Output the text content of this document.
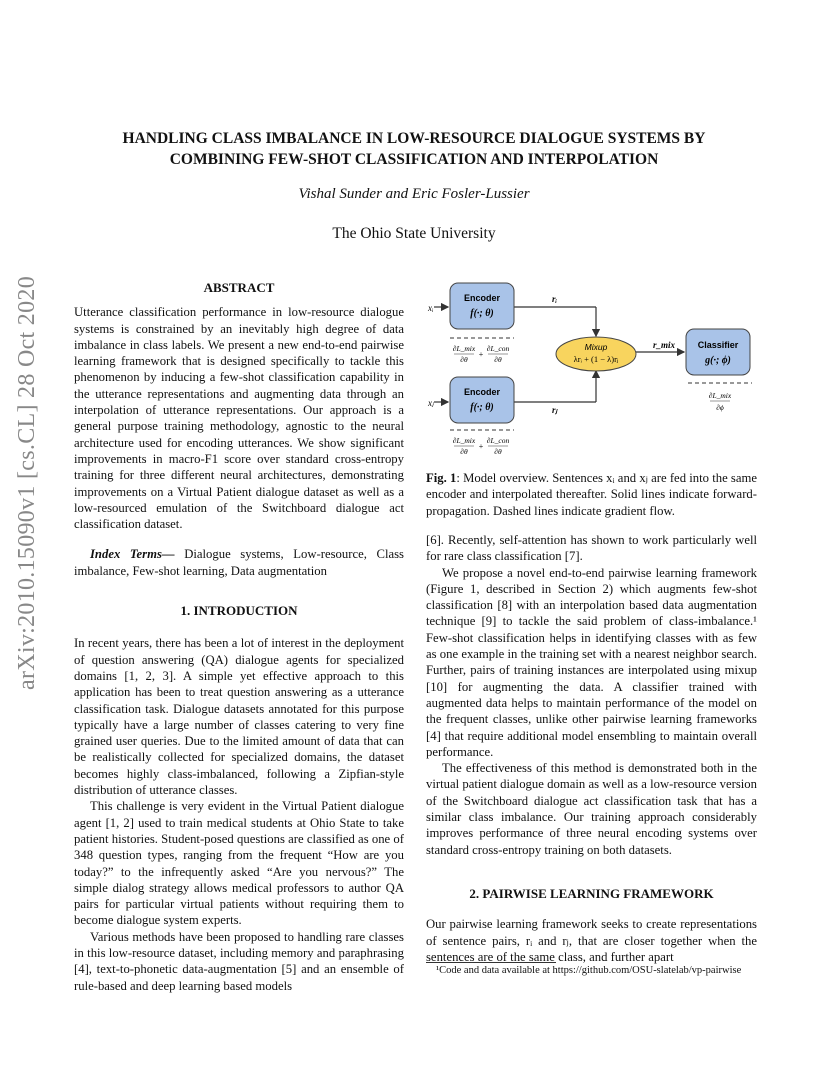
arXiv:2010.15090v1 [cs.CL] 28 Oct 2020
HANDLING CLASS IMBALANCE IN LOW-RESOURCE DIALOGUE SYSTEMS BY
COMBINING FEW-SHOT CLASSIFICATION AND INTERPOLATION
Vishal Sunder and Eric Fosler-Lussier
The Ohio State University

ABSTRACT

Utterance classification performance in low-resource dialogue systems is constrained by an inevitably high degree of data imbalance in class labels. We present a new end-to-end pairwise learning framework that is designed specifically to tackle this phenomenon by inducing a few-shot classification capability in the utterance representations and augmenting data through an interpolation of utterance representations. Our approach is a general purpose training methodology, agnostic to the neural architecture used for encoding utterances. We show significant improvements in macro-F1 score over standard cross-entropy training for three different neural architectures, demonstrating improvements on a Virtual Patient dialogue dataset as well as a low-resourced emulation of the Switchboard dialogue act classification dataset.

Index Terms— Dialogue systems, Low-resource, Class imbalance, Few-shot learning, Data augmentation

1. INTRODUCTION

In recent years, there has been a lot of interest in the deployment of question answering (QA) dialogue agents for specialized domains [1, 2, 3]. A simple yet effective approach to this application has been to treat question answering as a utterance classification task. Dialogue datasets annotated for this purpose typically have a large number of classes catering to very fine grained user queries. Due to the limited amount of data that can be realistically collected for specialized domains, the dataset becomes highly class-imbalanced, following a Zipfian-style distribution of utterance classes.

This challenge is very evident in the Virtual Patient dialogue agent [1, 2] used to train medical students at Ohio State to take patient histories. Student-posed questions are classified as one of 348 question types, ranging from the frequent “How are you today?” to the infrequently asked “Are you nervous?” The simple dialog strategy allows medical professors to author QA pairs for particular virtual patients without requiring them to become dialogue system experts.

Various methods have been proposed to handling rare classes in this low-resource dataset, including memory and paraphrasing [4], text-to-phonetic data-augmentation [5] and an ensemble of rule-based and deep learning based models

Encoder
f(·; θ)
Encoder
f(·; θ)
Mixup
λrᵢ + (1 − λ)rⱼ
Classifier
g(·; ϕ)
xᵢ
xⱼ
rᵢ
rⱼ
r_mix
∂L_mix
∂θ
+
∂L_con
∂θ
∂L_mix
∂θ
+
∂L_con
∂θ
∂L_mix
∂ϕ
Fig. 1: Model overview. Sentences xᵢ and xⱼ are fed into the same encoder and interpolated thereafter. Solid lines indicate forward-propagation. Dashed lines indicate gradient flow.

[6]. Recently, self-attention has shown to work particularly well for rare class classification [7].

We propose a novel end-to-end pairwise learning framework (Figure 1, described in Section 2) which augments few-shot classification [8] with an interpolation based data augmentation technique [9] to tackle the said problem of class-imbalance.¹ Few-shot classification helps in identifying classes with as few as one example in the training set with a nearest neighbor search. Further, pairs of training instances are interpolated using mixup [10] for augmenting the data. A classifier trained with augmented data helps to maintain performance of the model on the frequent classes, unlike other pairwise learning frameworks [4] that require additional model ensembling to maintain overall performance.

The effectiveness of this method is demonstrated both in the virtual patient dialogue domain as well as a low-resource version of the Switchboard dialogue act classification task that has a similar class imbalance. Our training approach considerably improves performance of three neural encoding systems over standard cross-entropy training on both datasets.

2. PAIRWISE LEARNING FRAMEWORK

Our pairwise learning framework seeks to create representations of sentence pairs, rᵢ and rⱼ, that are closer together when the sentences are of the same class, and further apart

¹Code and data available at https://github.com/OSU-slatelab/vp-pairwise
